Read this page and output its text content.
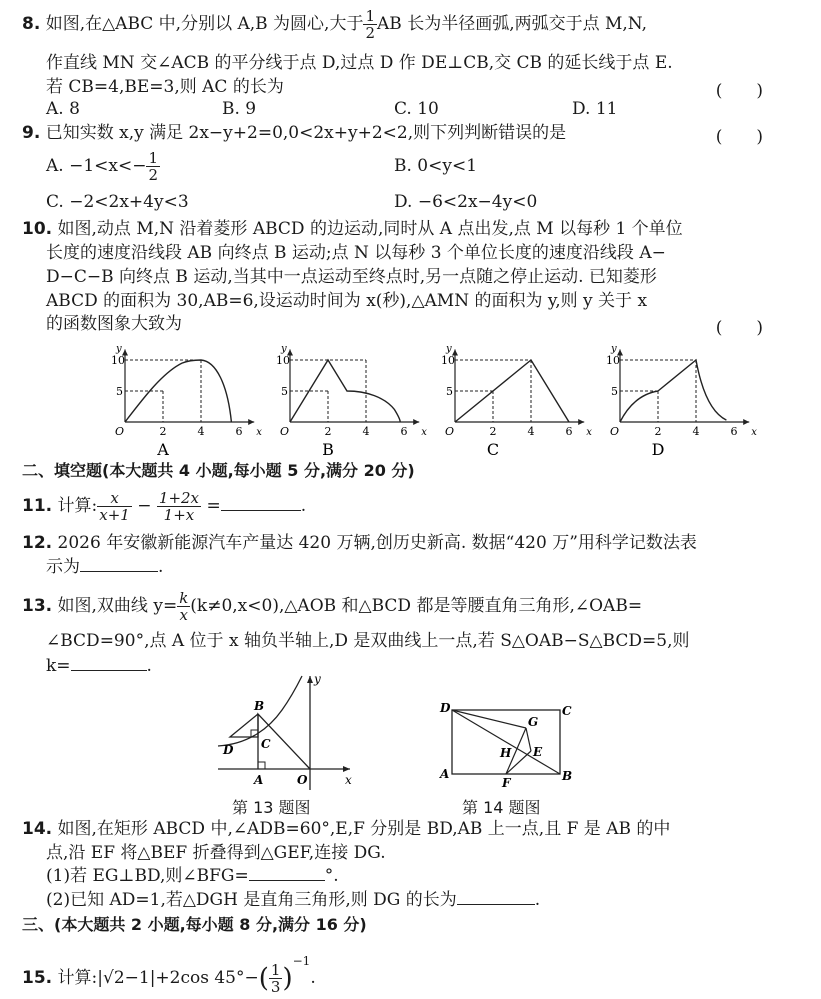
8. 如图,在△ABC 中,分别以 A,B 为圆心,大于 $\frac{1}{2}$ AB 长为半径画弧,两弧交于点 M,N,
作直线 MN 交∠ACB 的平分线于点 D,过点 D 作 DE⊥CB,交 CB 的延长线于点 E.
若 CB=4,BE=3,则 AC 的长为	(　　)
A. 8	B. 9	C. 10	D. 11
9. 已知实数 x,y 满足 2x−y+2=0,0<2x+y+2<2,则下列判断错误的是	(　　)
A. $-1<x<- \frac{1}{2}$	B. 0<y<1
C. −2<2x+4y<3	D. −6<2x−4y<0
10. 如图,动点 M,N 沿着菱形 ABCD 的边运动,同时从 A 点出发,点 M 以每秒 1 个单位
长度的速度沿线段 AB 向终点 B 运动;点 N 以每秒 3 个单位长度的速度沿线段 A−
D−C−B 向终点 B 运动,当其中一点运动至终点时,另一点随之停止运动. 已知菱形
ABCD 的面积为 30,AB=6,设运动时间为 x(秒),△AMN 的面积为 y,则 y 关于 x
的函数图象大致为	(　　)
10
5
O	2	4	6 x
y
A
10
5
O	2	4	6 x
y
B
10
5
O	2	4	6 x
y
C
10
5
O	2	4	6 x
y
D
二、填空题(本大题共 4 小题,每小题 5 分,满分 20 分)
11. 计算: $\frac{x}{x+1} - \frac{1+2x}{1+x}$ =	.
12. 2026 年安徽新能源汽车产量达 420 万辆,创历史新高. 数据“420 万”用科学记数法表
示为	.
13. 如图,双曲线 $y= \frac{k}{x}$ (k≠0,x<0),△AOB 和△BCD 都是等腰直角三角形,∠OAB=
∠BCD=90°,点 A 位于 x 轴负半轴上,D 是双曲线上一点,若 S△OAB−S△BCD=5,则
k=	.
B
C
D
A	O	x
y
第 13 题图
D	C
G
H E
A
F	B
第 14 题图
14. 如图,在矩形 ABCD 中,∠ADB=60°,E,F 分别是 BD,AB 上一点,且 F 是 AB 的中
点,沿 EF 将△BEF 折叠得到△GEF,连接 DG.
(1)若 EG⊥BD,则∠BFG=	°.
(2)已知 AD=1,若△DGH 是直角三角形,则 DG 的长为	.
三、(本大题共 2 小题,每小题 8 分,满分 16 分)
15. 计算:|√2−1|+2cos $45^\circ-( \frac{1}{3} )^{-1}$.
